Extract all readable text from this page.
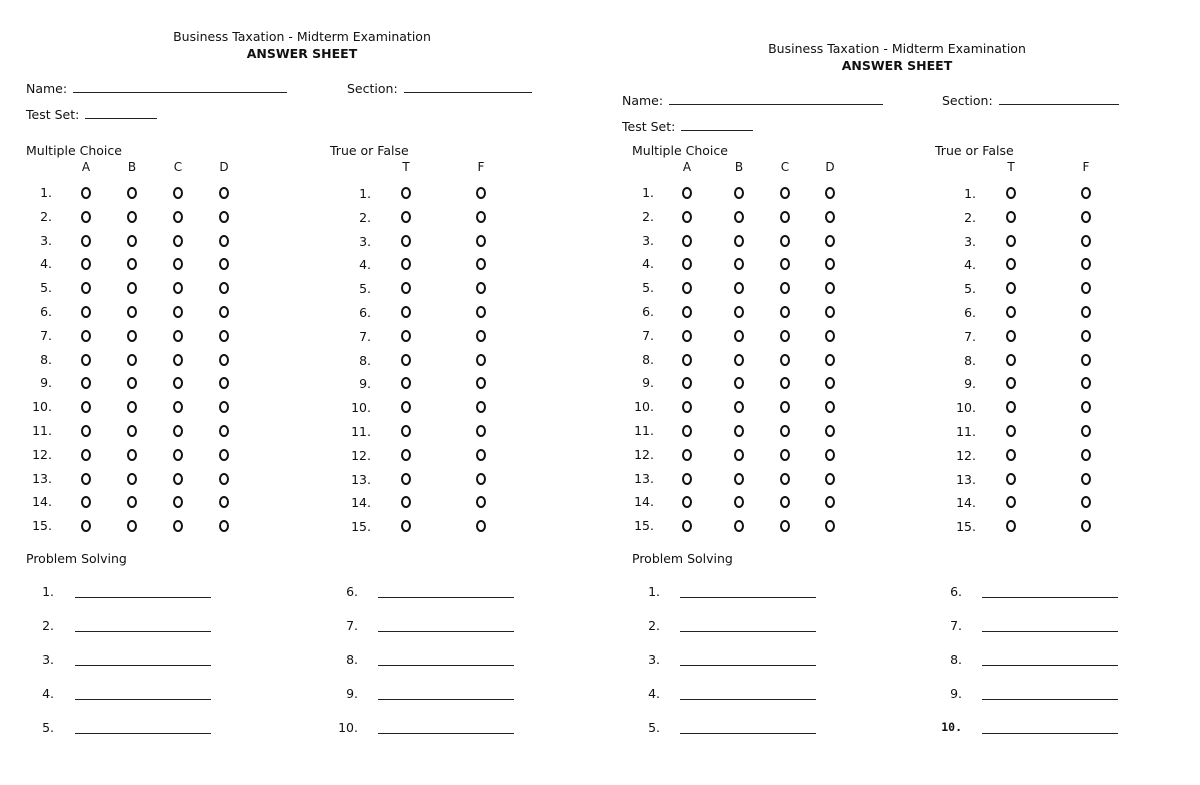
Business Taxation - Midterm Examination
ANSWER SHEET
Name:	Section:
Test Set:
Multiple Choice
A	B	C	D
1.
2.
3.
4.
5.
6.
7.
8.
9.
10.
11.
12.
13.
14.
15.
True or False
T	F
1.
2.
3.
4.
5.
6.
7.
8.
9.
10.
11.
12.
13.
14.
15.
Problem Solving
1.
2.
3.
4.
5.
6.
7.
8.
9.
10.
Business Taxation - Midterm Examination
ANSWER SHEET
Name:	Section:
Test Set:
Multiple Choice
A	B	C	D
1.
2.
3.
4.
5.
6.
7.
8.
9.
10.
11.
12.
13.
14.
15.
True or False
T	F
1.
2.
3.
4.
5.
6.
7.
8.
9.
10.
11.
12.
13.
14.
15.
Problem Solving
1.
2.
3.
4.
5.
6.
7.
8.
9.
10.
